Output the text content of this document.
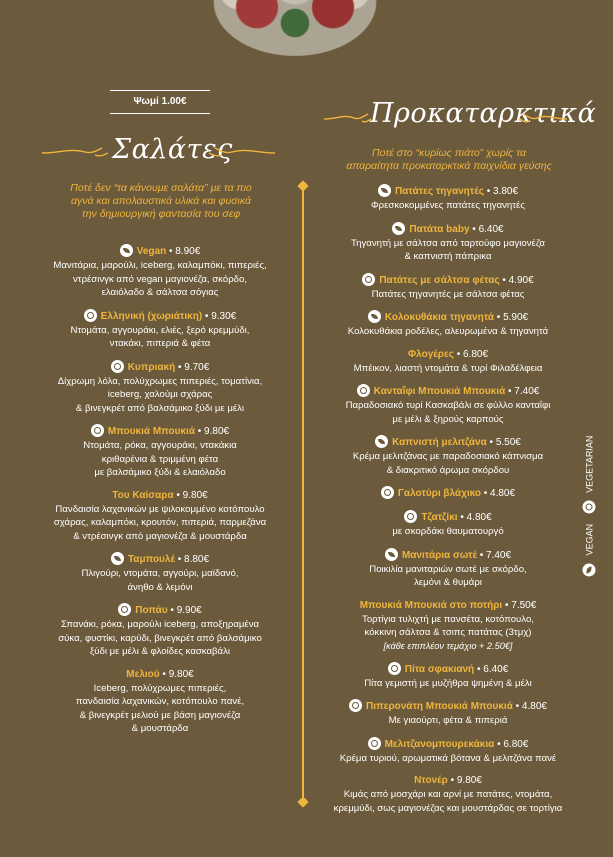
Ψωμί 1.00€
Σαλάτες
Ποτέ δεν “τα κάνουμε σαλάτα” με τα πιο
αγνά και απολαυστικά υλικά και φυσικά
την δημιουργική φαντασία του σεφ
Vegan • 8.90€
Μανιτάρια, μαρούλι, iceberg, καλαμπόκι, πιπεριές,
ντρέσινγκ από vegan μαγιονέζα, σκόρδο,
ελαιόλαδο & σάλτσα σόγιας
Ελληνική (χωριάτικη) • 9.30€
Ντομάτα, αγγουράκι, ελιές, ξερό κρεμμύδι,
ντακάκι, πιπεριά & φέτα
Κυπριακή • 9.70€
Δίχρωμη λόλα, πολύχρωμες πιπεριές, τοματίνια,
iceberg, χαλούμι σχάρας
& βινεγκρέτ από βαλσάμικο ξύδι με μέλι
Μπουκιά Μπουκιά • 9.80€
Ντομάτα, ρόκα, αγγουράκι, ντακάκια
κριθαρένια & τριμμένη φέτα
με βαλσάμικο ξύδι & ελαιόλαδο
Του Καίσαρα • 9.80€
Πανδαισία λαχανικών με ψιλοκομμένο κοτόπουλο
σχάρας, καλαμπόκι, κρουτόν, πιπεριά, παρμεζάνα
& ντρέσινγκ από μαγιονέζα & μουστάρδα
Ταμπουλέ • 8.80€
Πλιγούρι, ντομάτα, αγγούρι, μαϊδανό,
άνηθο & λεμόνι
Ποπάυ • 9.90€
Σπανάκι, ρόκα, μαρούλι iceberg, αποξηραμένα
σύκα, φυστίκι, καρύδι, βινεγκρέτ από βαλσάμικο
ξύδι με μέλι & φλοίδες κασκαβάλι
Μελιού • 9.80€
Iceberg, πολύχρωμες πιπεριές,
πανδαισία λαχανικών, κοτόπουλο πανέ,
& βινεγκρέτ μελιού με βάση μαγιονέζα
& μουστάρδα
Προκαταρκτικά
Ποτέ στο “κυρίως πιάτο” χωρίς τα
απαραίτητα προκαταρκτικά παιχνίδια γεύσης
Πατάτες τηγανητές • 3.80€
Φρεσκοκομμένες πατάτες τηγανητές
Πατάτα baby • 6.40€
Τηγανητή με σάλτσα από ταρτούφο μαγιονέζα
& καπνιστή πάπρικα
Πατάτες με σάλτσα φέτας • 4.90€
Πατάτες τηγανητές με σάλτσα φέτας
Κολοκυθάκια τηγανητά • 5.90€
Κολοκυθάκια ροδέλες, αλευρωμένα & τηγανητά
Φλογέρες • 6.80€
Μπέικον, λιαστή ντομάτα & τυρί Φιλαδέλφεια
Κανταΐφι Μπουκιά Μπουκιά • 7.40€
Παραδοσιακό τυρί Κασκαβάλι σε φύλλο κανταΐφι
με μέλι & ξηρούς καρπούς
Καπνιστή μελιτζάνα • 5.50€
Κρέμα μελιτζάνας με παραδοσιακό κάπνισμα
& διακριτικό άρωμα σκόρδου
Γαλοτύρι βλάχικο • 4.80€
Τζατζίκι • 4.80€
με σκορδάκι θαυματουργό
Μανιτάρια σωτέ • 7.40€
Ποικιλία μανιταριών σωτέ με σκόρδο,
λεμόνι & θυμάρι
Μπουκιά Μπουκιά στο ποτήρι • 7.50€
Τορτίγια τυλιχτή με πανσέτα, κοτόπουλο,
κόκκινη σάλτσα & τσιπς πατάτας (3τμχ)
[κάθε επιπλέον τεμάχιο + 2.50€]
Πίτα σφακιανή • 6.40€
Πίτα γεμιστή με μυζήθρα ψημένη & μέλι
Πιπερονάτη Μπουκιά Μπουκιά • 4.80€
Με γιαούρτι, φέτα & πιπεριά
Μελιτζανομπουρεκάκια • 6.80€
Κρέμα τυριού, αρωματικά βότανα & μελιτζάνα πανέ
Ντονέρ • 9.80€
Κιμάς από μοσχάρι και αρνί με πατάτες, ντομάτα,
κρεμμύδι, σως μαγιονέζας και μουστάρδας σε τορτίγια
VEGAN
VEGETARIAN
